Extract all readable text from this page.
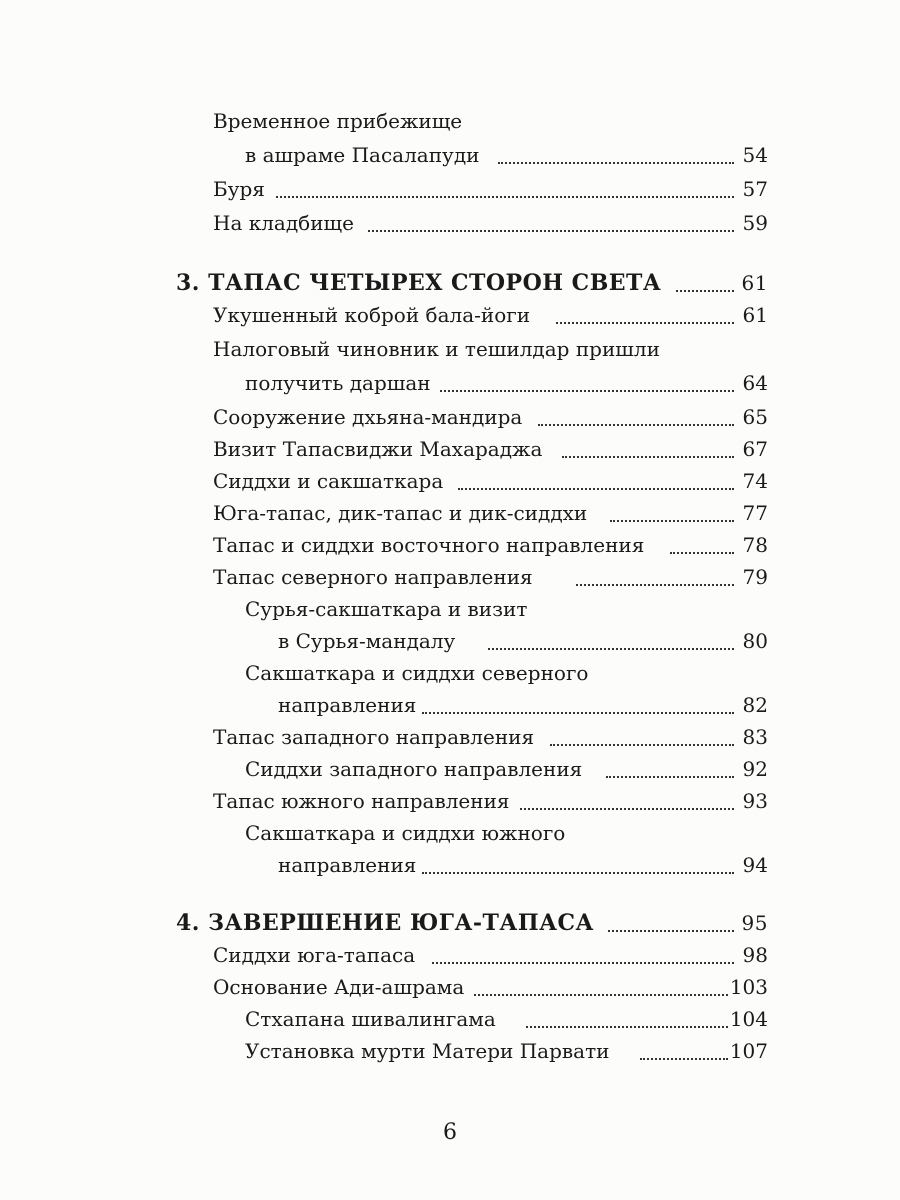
Временное прибежище
в ашраме Пасалапуди	54
Буря	57
На кладбище	59
3. ТАПАС ЧЕТЫРЕХ СТОРОН СВЕТА	61
Укушенный коброй бала-йоги	61
Налоговый чиновник и тешилдар пришли
получить даршан	64
Сооружение дхьяна-мандира	65
Визит Тапасвиджи Махараджа	67
Сиддхи и сакшаткара	74
Юга-тапас, дик-тапас и дик-сиддхи	77
Тапас и сиддхи восточного направления	78
Тапас северного направления	79
Сурья-сакшаткара и визит
в Сурья-мандалу	80
Сакшаткара и сиддхи северного
направления	82
Тапас западного направления	83
Сиддхи западного направления	92
Тапас южного направления	93
Сакшаткара и сиддхи южного
направления	94
4. ЗАВЕРШЕНИЕ ЮГА-ТАПАСА	95
Сиддхи юга-тапаса	98
Основание Ади-ашрама	103
Стхапана шивалингама	104
Установка мурти Матери Парвати	107
6
